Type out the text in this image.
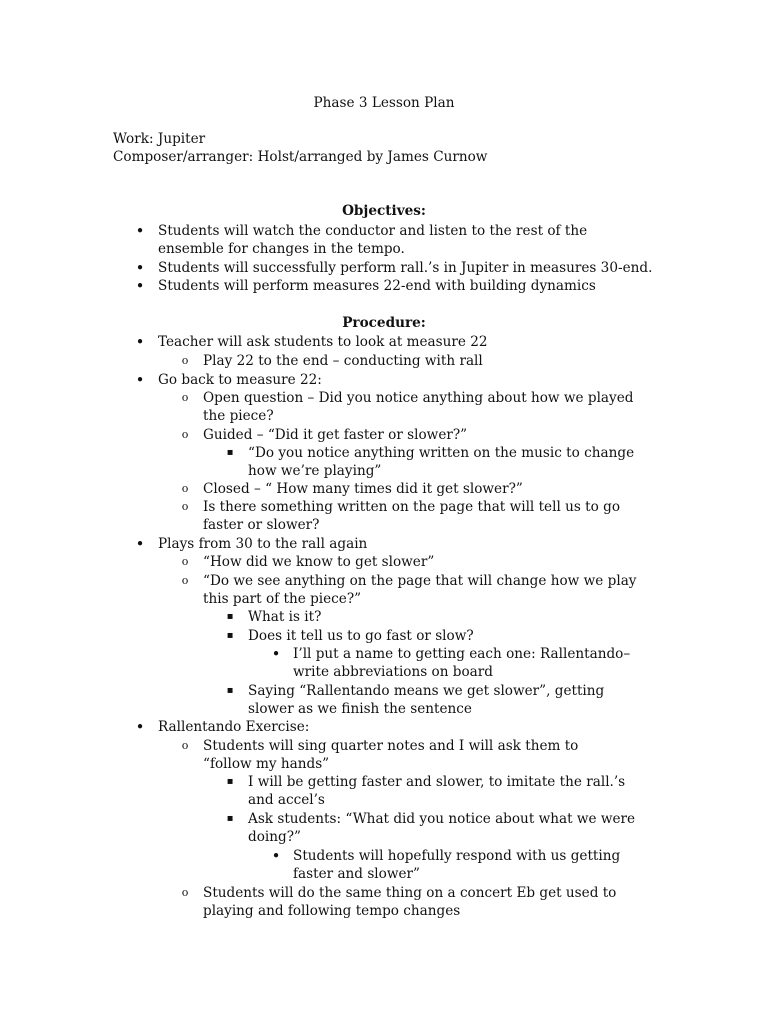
Phase 3 Lesson Plan
Work: Jupiter
Composer/arranger: Holst/arranged by James Curnow
Objectives:
• Students will watch the conductor and listen to the rest of the ensemble for changes in the tempo.

• Students will successfully perform rall.’s in Jupiter in measures 30-end.

• Students will perform measures 22-end with building dynamics

Procedure:
• Teacher will ask students to look at measure 22

o Play 22 to the end – conducting with rall

• Go back to measure 22:

o Open question – Did you notice anything about how we played the piece?

o Guided – “Did it get faster or slower?”

▪ “Do you notice anything written on the music to change how we’re playing”

o Closed – “ How many times did it get slower?”

o Is there something written on the page that will tell us to go faster or slower?

• Plays from 30 to the rall again

o “How did we know to get slower”

o “Do we see anything on the page that will change how we play this part of the piece?”

▪ What is it?

▪ Does it tell us to go fast or slow?

• I’ll put a name to getting each one: Rallentando–write abbreviations on board

▪ Saying “Rallentando means we get slower”, getting slower as we finish the sentence

• Rallentando Exercise:

o Students will sing quarter notes and I will ask them to “follow my hands”

▪ I will be getting faster and slower, to imitate the rall.’s and accel’s

▪ Ask students: “What did you notice about what we were doing?”

• Students will hopefully respond with us getting faster and slower”

o Students will do the same thing on a concert Eb get used to playing and following tempo changes
